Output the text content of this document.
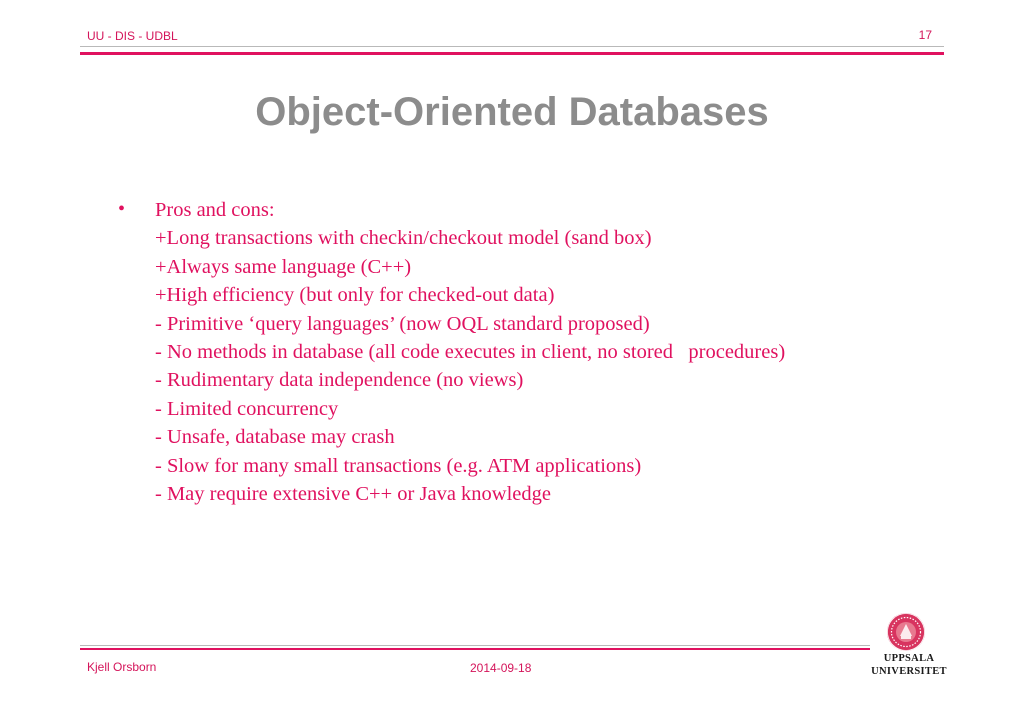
UU - DIS - UDBL	17
Object-Oriented Databases
• Pros and cons:
+Long transactions with checkin/checkout model (sand box)
+Always same language (C++)
+High efficiency (but only for checked-out data)
- Primitive ‘query languages’ (now OQL standard proposed)
- No methods in database (all code executes in client, no stored   procedures)
- Rudimentary data independence (no views)
- Limited concurrency
- Unsafe, database may crash
- Slow for many small transactions (e.g. ATM applications)
- May require extensive C++ or Java knowledge
Kjell Orsborn	2014-09-18
UPPSALA
UNIVERSITET
